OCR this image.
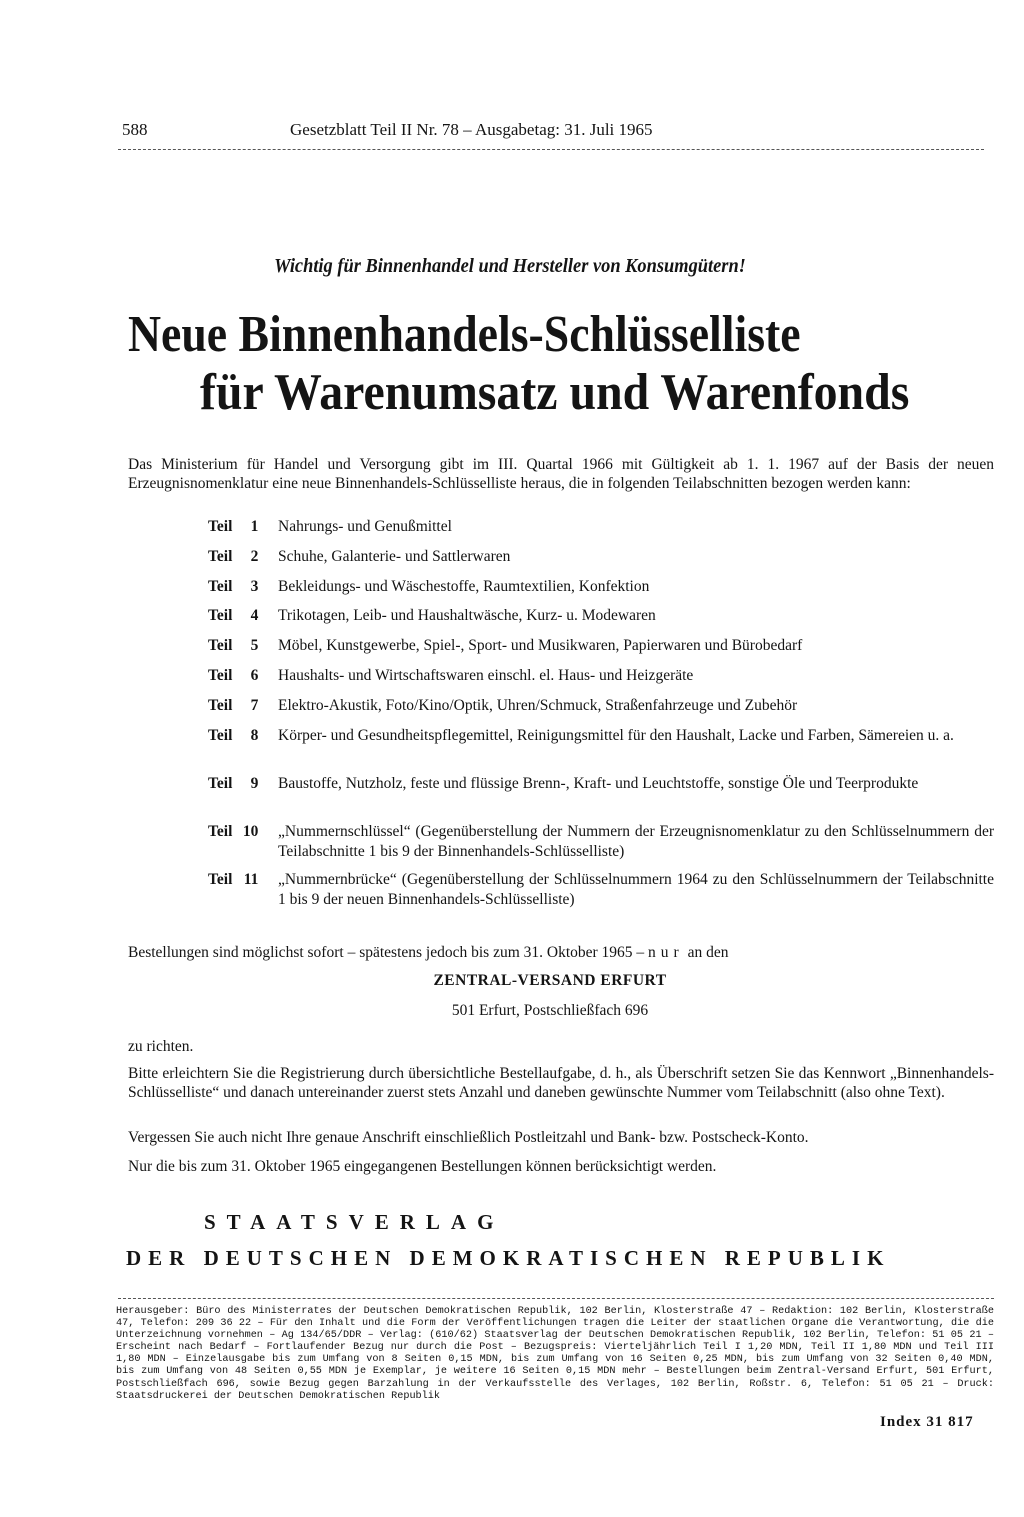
588	Gesetzblatt Teil II Nr. 78 – Ausgabetag: 31. Juli 1965
Wichtig für Binnenhandel und Hersteller von Konsumgütern!
Neue Binnenhandels-Schlüsselliste
für Warenumsatz und Warenfonds
Das Ministerium für Handel und Versorgung gibt im III. Quartal 1966 mit Gültigkeit ab 1. 1. 1967 auf der Basis der neuen Erzeugnisnomenklatur eine neue Binnenhandels-Schlüsselliste heraus, die in folgenden Teilabschnitten bezogen werden kann:
Teil 1 Nahrungs- und Genußmittel
Teil 2 Schuhe, Galanterie- und Sattlerwaren
Teil 3 Bekleidungs- und Wäschestoffe, Raumtextilien, Konfektion
Teil 4 Trikotagen, Leib- und Haushaltwäsche, Kurz- u. Modewaren
Teil 5 Möbel, Kunstgewerbe, Spiel-, Sport- und Musikwaren, Papierwaren und Bürobedarf
Teil 6 Haushalts- und Wirtschaftswaren einschl. el. Haus- und Heizgeräte
Teil 7 Elektro-Akustik, Foto/Kino/Optik, Uhren/Schmuck, Straßenfahrzeuge und Zubehör
Teil 8 Körper- und Gesundheitspflegemittel, Reinigungsmittel für den Haushalt, Lacke und Farben, Sämereien u. a.
Teil 9 Baustoffe, Nutzholz, feste und flüssige Brenn-, Kraft- und Leuchtstoffe, sonstige Öle und Teerprodukte
Teil 10 „Nummernschlüssel“ (Gegenüberstellung der Nummern der Erzeugnisnomenklatur zu den Schlüsselnummern der Teilabschnitte 1 bis 9 der Binnenhandels-Schlüsselliste)
Teil 11 „Nummernbrücke“ (Gegenüberstellung der Schlüsselnummern 1964 zu den Schlüsselnummern der Teilabschnitte 1 bis 9 der neuen Binnenhandels-Schlüsselliste)
Bestellungen sind möglichst sofort – spätestens jedoch bis zum 31. Oktober 1965 – nur an den
ZENTRAL-VERSAND ERFURT
501 Erfurt, Postschließfach 696
zu richten.
Bitte erleichtern Sie die Registrierung durch übersichtliche Bestellaufgabe, d. h., als Überschrift setzen Sie das Kennwort „Binnenhandels-Schlüsselliste“ und danach untereinander zuerst stets Anzahl und daneben gewünschte Nummer vom Teilabschnitt (also ohne Text).
Vergessen Sie auch nicht Ihre genaue Anschrift einschließlich Postleitzahl und Bank- bzw. Postscheck-Konto.
Nur die bis zum 31. Oktober 1965 eingegangenen Bestellungen können berücksichtigt werden.
STAATSVERLAG
DER DEUTSCHEN DEMOKRATISCHEN REPUBLIK
Herausgeber: Büro des Ministerrates der Deutschen Demokratischen Republik, 102 Berlin, Klosterstraße 47 – Redaktion: 102 Berlin, Klosterstraße 47, Telefon: 209 36 22 – Für den Inhalt und die Form der Veröffentlichungen tragen die Leiter der staatlichen Organe die Verantwortung, die die Unterzeichnung vornehmen – Ag 134/65/DDR – Verlag: (610/62) Staatsverlag der Deutschen Demokratischen Republik, 102 Berlin, Telefon: 51 05 21 – Erscheint nach Bedarf – Fortlaufender Bezug nur durch die Post – Bezugspreis: Vierteljährlich Teil I 1,20 MDN, Teil II 1,80 MDN und Teil III 1,80 MDN – Einzelausgabe bis zum Umfang von 8 Seiten 0,15 MDN, bis zum Umfang von 16 Seiten 0,25 MDN, bis zum Umfang von 32 Seiten 0,40 MDN, bis zum Umfang von 48 Seiten 0,55 MDN je Exemplar, je weitere 16 Seiten 0,15 MDN mehr – Bestellungen beim Zentral-Versand Erfurt, 501 Erfurt, Postschließfach 696, sowie Bezug gegen Barzahlung in der Verkaufsstelle des Verlages, 102 Berlin, Roßstr. 6, Telefon: 51 05 21 – Druck: Staatsdruckerei der Deutschen Demokratischen Republik
Index 31 817
